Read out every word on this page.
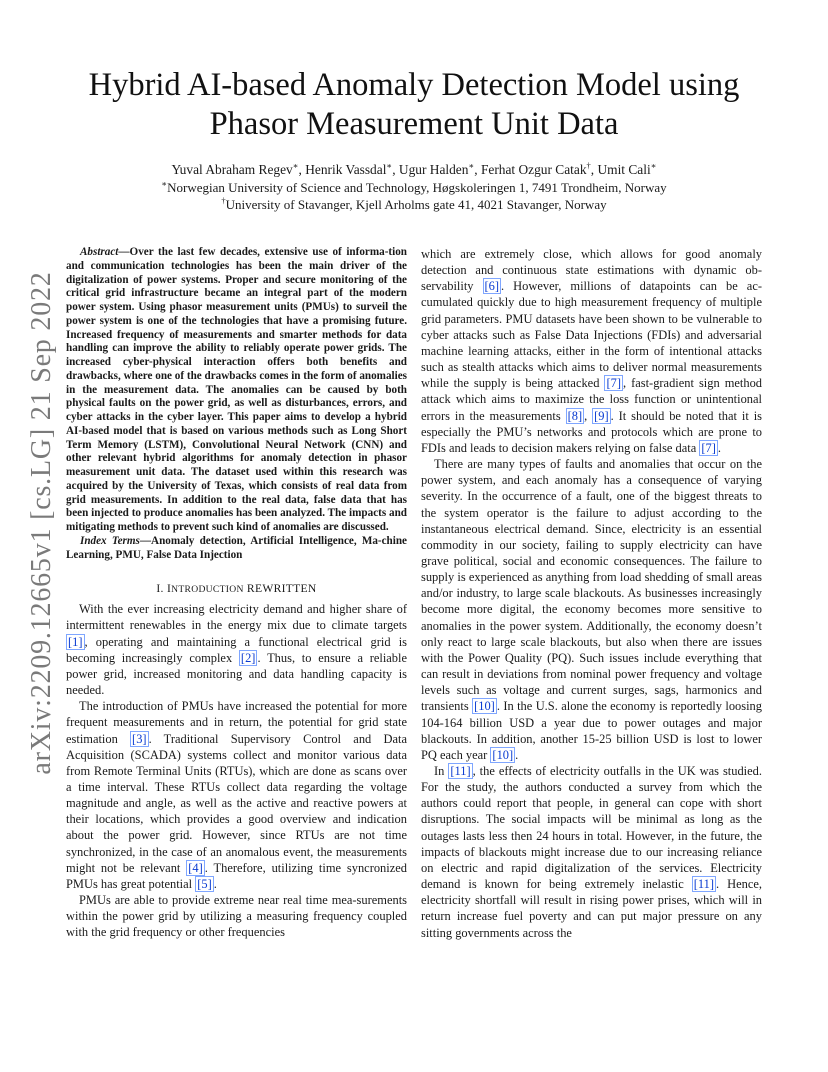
arXiv:2209.12665v1 [cs.LG] 21 Sep 2022
Hybrid AI-based Anomaly Detection Model using
Phasor Measurement Unit Data
Yuval Abraham Regev∗, Henrik Vassdal∗, Ugur Halden∗, Ferhat Ozgur Catak†, Umit Cali∗
∗Norwegian University of Science and Technology, Høgskoleringen 1, 7491 Trondheim, Norway
†University of Stavanger, Kjell Arholms gate 41, 4021 Stavanger, Norway

Abstract—Over the last few decades, extensive use of informa-tion and communication technologies has been the main driver of the digitalization of power systems. Proper and secure monitoring of the critical grid infrastructure became an integral part of the modern power system. Using phasor measurement units (PMUs) to surveil the power system is one of the technologies that have a promising future. Increased frequency of measurements and smarter methods for data handling can improve the ability to reliably operate power grids. The increased cyber-physical interaction offers both benefits and drawbacks, where one of the drawbacks comes in the form of anomalies in the measurement data. The anomalies can be caused by both physical faults on the power grid, as well as disturbances, errors, and cyber attacks in the cyber layer. This paper aims to develop a hybrid AI-based model that is based on various methods such as Long Short Term Memory (LSTM), Convolutional Neural Network (CNN) and other relevant hybrid algorithms for anomaly detection in phasor measurement unit data. The dataset used within this research was acquired by the University of Texas, which consists of real data from grid measurements. In addition to the real data, false data that has been injected to produce anomalies has been analyzed. The impacts and mitigating methods to prevent such kind of anomalies are discussed.

Index Terms—Anomaly detection, Artificial Intelligence, Ma-chine Learning, PMU, False Data Injection

I. INTRODUCTION REWRITTEN

With the ever increasing electricity demand and higher share of intermittent renewables in the energy mix due to climate targets [1] , operating and maintaining a functional electrical grid is becoming increasingly complex [2] . Thus, to ensure a reliable power grid, increased monitoring and data handling capacity is needed.

The introduction of PMUs have increased the potential for more frequent measurements and in return, the potential for grid state estimation [3] . Traditional Supervisory Control and Data Acquisition (SCADA) systems collect and monitor various data from Remote Terminal Units (RTUs), which are done as scans over a time interval. These RTUs collect data regarding the voltage magnitude and angle, as well as the active and reactive powers at their locations, which provides a good overview and indication about the power grid. However, since RTUs are not time synchronized, in the case of an anomalous event, the measurements might not be relevant [4] . Therefore, utilizing time syncronized PMUs has great potential [5] .

PMUs are able to provide extreme near real time mea-surements within the power grid by utilizing a measuring frequency coupled with the grid frequency or other frequencies

which are extremely close, which allows for good anomaly detection and continuous state estimations with dynamic ob-servability [6] . However, millions of datapoints can be ac-cumulated quickly due to high measurement frequency of multiple grid parameters. PMU datasets have been shown to be vulnerable to cyber attacks such as False Data Injections (FDIs) and adversarial machine learning attacks, either in the form of intentional attacks such as stealth attacks which aims to deliver normal measurements while the supply is being attacked [7] , fast-gradient sign method attack which aims to maximize the loss function or unintentional errors in the measurements [8] , [9] . It should be noted that it is especially the PMU’s networks and protocols which are prone to FDIs and leads to decision makers relying on false data [7] .

There are many types of faults and anomalies that occur on the power system, and each anomaly has a consequence of varying severity. In the occurrence of a fault, one of the biggest threats to the system operator is the failure to adjust according to the instantaneous electrical demand. Since, electricity is an essential commodity in our society, failing to supply electricity can have grave political, social and economic consequences. The failure to supply is experienced as anything from load shedding of small areas and/or industry, to large scale blackouts. As businesses increasingly become more digital, the economy becomes more sensitive to anomalies in the power system. Additionally, the economy doesn’t only react to large scale blackouts, but also when there are issues with the Power Quality (PQ). Such issues include everything that can result in deviations from nominal power frequency and voltage levels such as voltage and current surges, sags, harmonics and transients [10] . In the U.S. alone the economy is reportedly loosing 104-164 billion USD a year due to power outages and major blackouts. In addition, another 15-25 billion USD is lost to lower PQ each year [10] .

In [11] , the effects of electricity outfalls in the UK was studied. For the study, the authors conducted a survey from which the authors could report that people, in general can cope with short disruptions. The social impacts will be minimal as long as the outages lasts less then 24 hours in total. However, in the future, the impacts of blackouts might increase due to our increasing reliance on electric and rapid digitalization of the services. Electricity demand is known for being extremely inelastic [11] . Hence, electricity shortfall will result in rising power prises, which will in return increase fuel poverty and can put major pressure on any sitting governments across the
